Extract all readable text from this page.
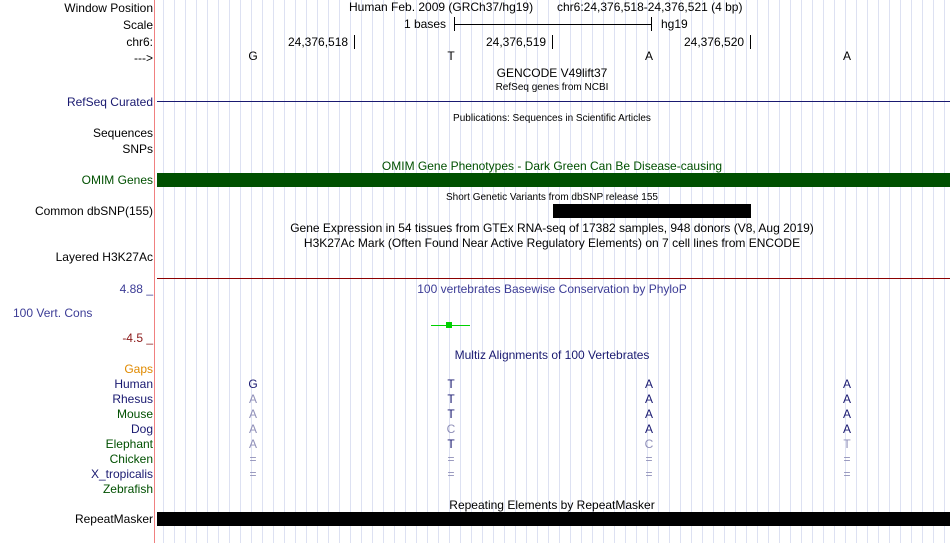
Window Position	Human Feb. 2009 (GRCh37/hg19) chr6:24,376,518-24,376,521 (4 bp)
Scale	1 bases	hg19
chr6:	24,376,518	24,376,519	24,376,520
--->	G	T	A	A
GENCODE V49lift37
RefSeq genes from NCBI
RefSeq Curated
Publications: Sequences in Scientific Articles
Sequences
SNPs
OMIM Gene Phenotypes - Dark Green Can Be Disease-causing
OMIM Genes
Short Genetic Variants from dbSNP release 155
Common dbSNP(155)
Gene Expression in 54 tissues from GTEx RNA-seq of 17382 samples, 948 donors (V8, Aug 2019)
H3K27Ac Mark (Often Found Near Active Regulatory Elements) on 7 cell lines from ENCODE
Layered H3K27Ac
4.88 _	100 vertebrates Basewise Conservation by PhyloP
100 Vert. Cons
-4.5 _
Multiz Alignments of 100 Vertebrates
Gaps
Human	G	T	A	A
Rhesus	A	T	A	A
Mouse	A	T	A	A
Dog	A	C	A	A
Elephant	A	T	C	T
Chicken	=	=	=	=
X_tropicalis	=	=	=	=
Zebrafish
Repeating Elements by RepeatMasker
RepeatMasker
